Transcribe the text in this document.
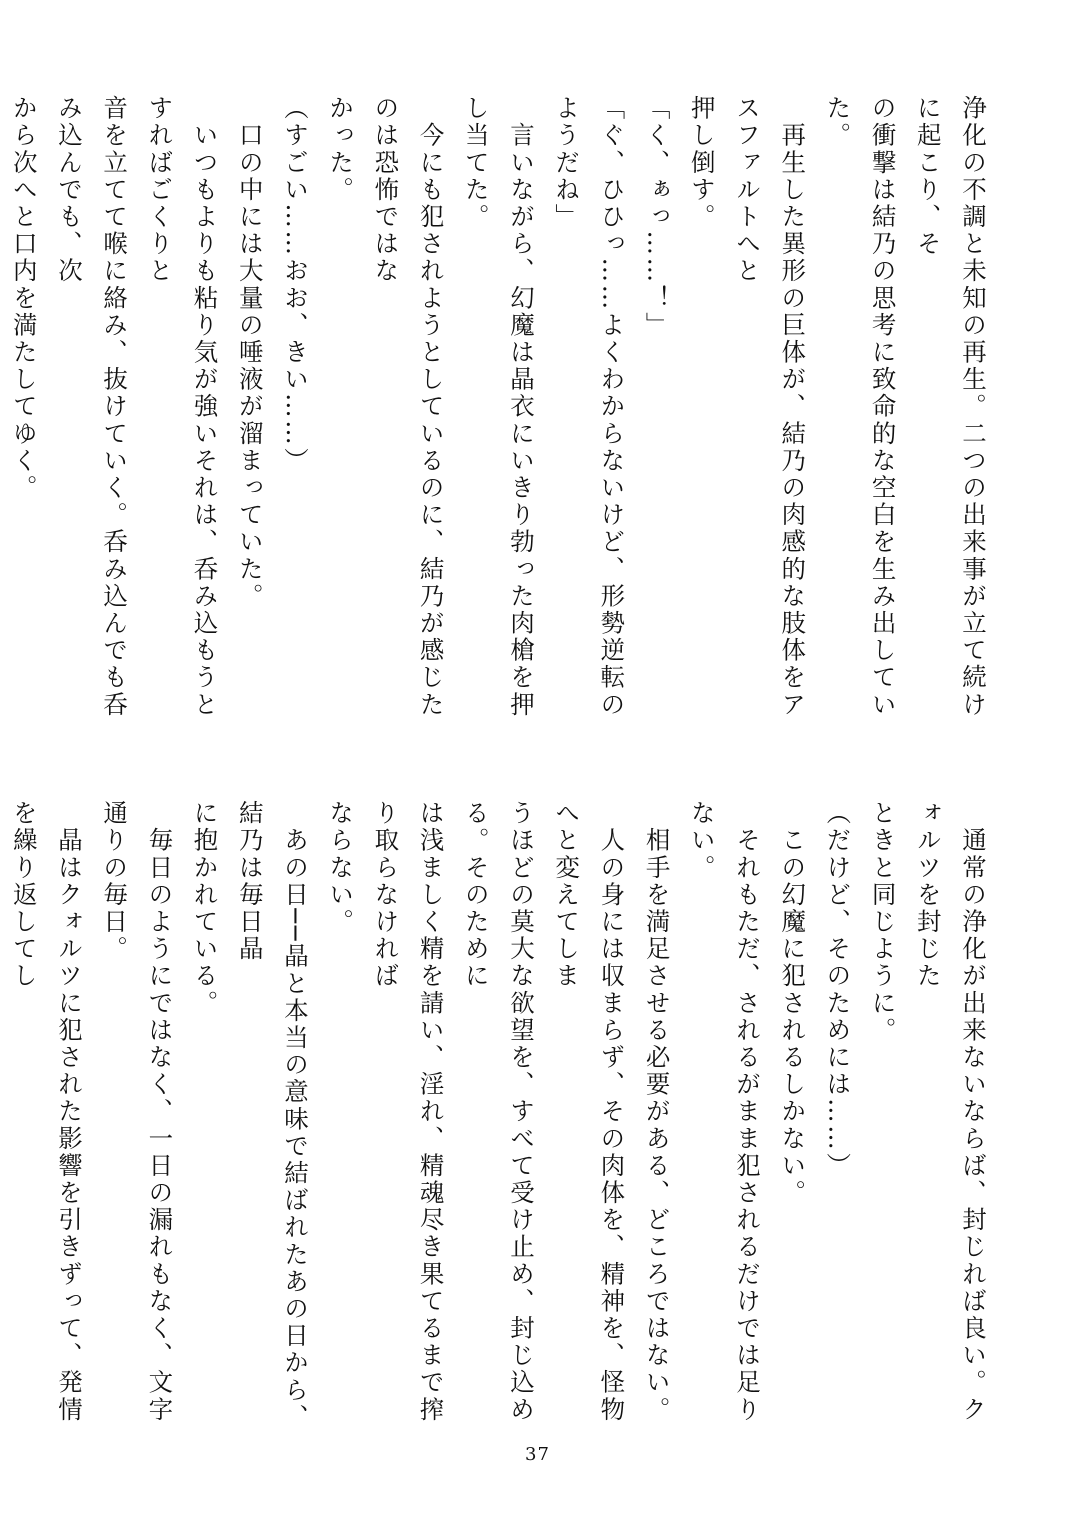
浄化の不調と未知の再生。二つの出来事が立て続けに起こり、そ
の衝撃は結乃の思考に致命的な空白を生み出していた。
　再生した異形の巨体が、結乃の肉感的な肢体をアスファルトへと
押し倒す。
「く、ぁっ……！」
「ぐ、ひひっ……よくわからないけど、形勢逆転のようだね」
　言いながら、幻魔は晶衣にいきり勃った肉槍を押し当てた。
　今にも犯されようとしているのに、結乃が感じたのは恐怖ではな
かった。
（すごい……おお、きい……）
　口の中には大量の唾液が溜まっていた。
　いつもよりも粘り気が強いそれは、呑み込もうとすればごくりと
音を立てて喉に絡み、抜けていく。呑み込んでも呑み込んでも、次
から次へと口内を満たしてゆく。
　通常の浄化が出来ないならば、封じれば良い。クォルツを封じた
ときと同じように。
（だけど、そのためには……）
　この幻魔に犯されるしかない。
　それもただ、されるがまま犯されるだけでは足りない。
　相手を満足させる必要がある、どころではない。
　人の身には収まらず、その肉体を、精神を、怪物へと変えてしま
うほどの莫大な欲望を、すべて受け止め、封じ込める。そのために
は浅ましく精を請い、淫れ、精魂尽き果てるまで搾り取らなければ
ならない。
　あの日──晶と本当の意味で結ばれたあの日から、結乃は毎日晶
に抱かれている。
　毎日のようにではなく、一日の漏れもなく、文字通りの毎日。
　晶はクォルツに犯された影響を引きずって、発情を繰り返してし
37
